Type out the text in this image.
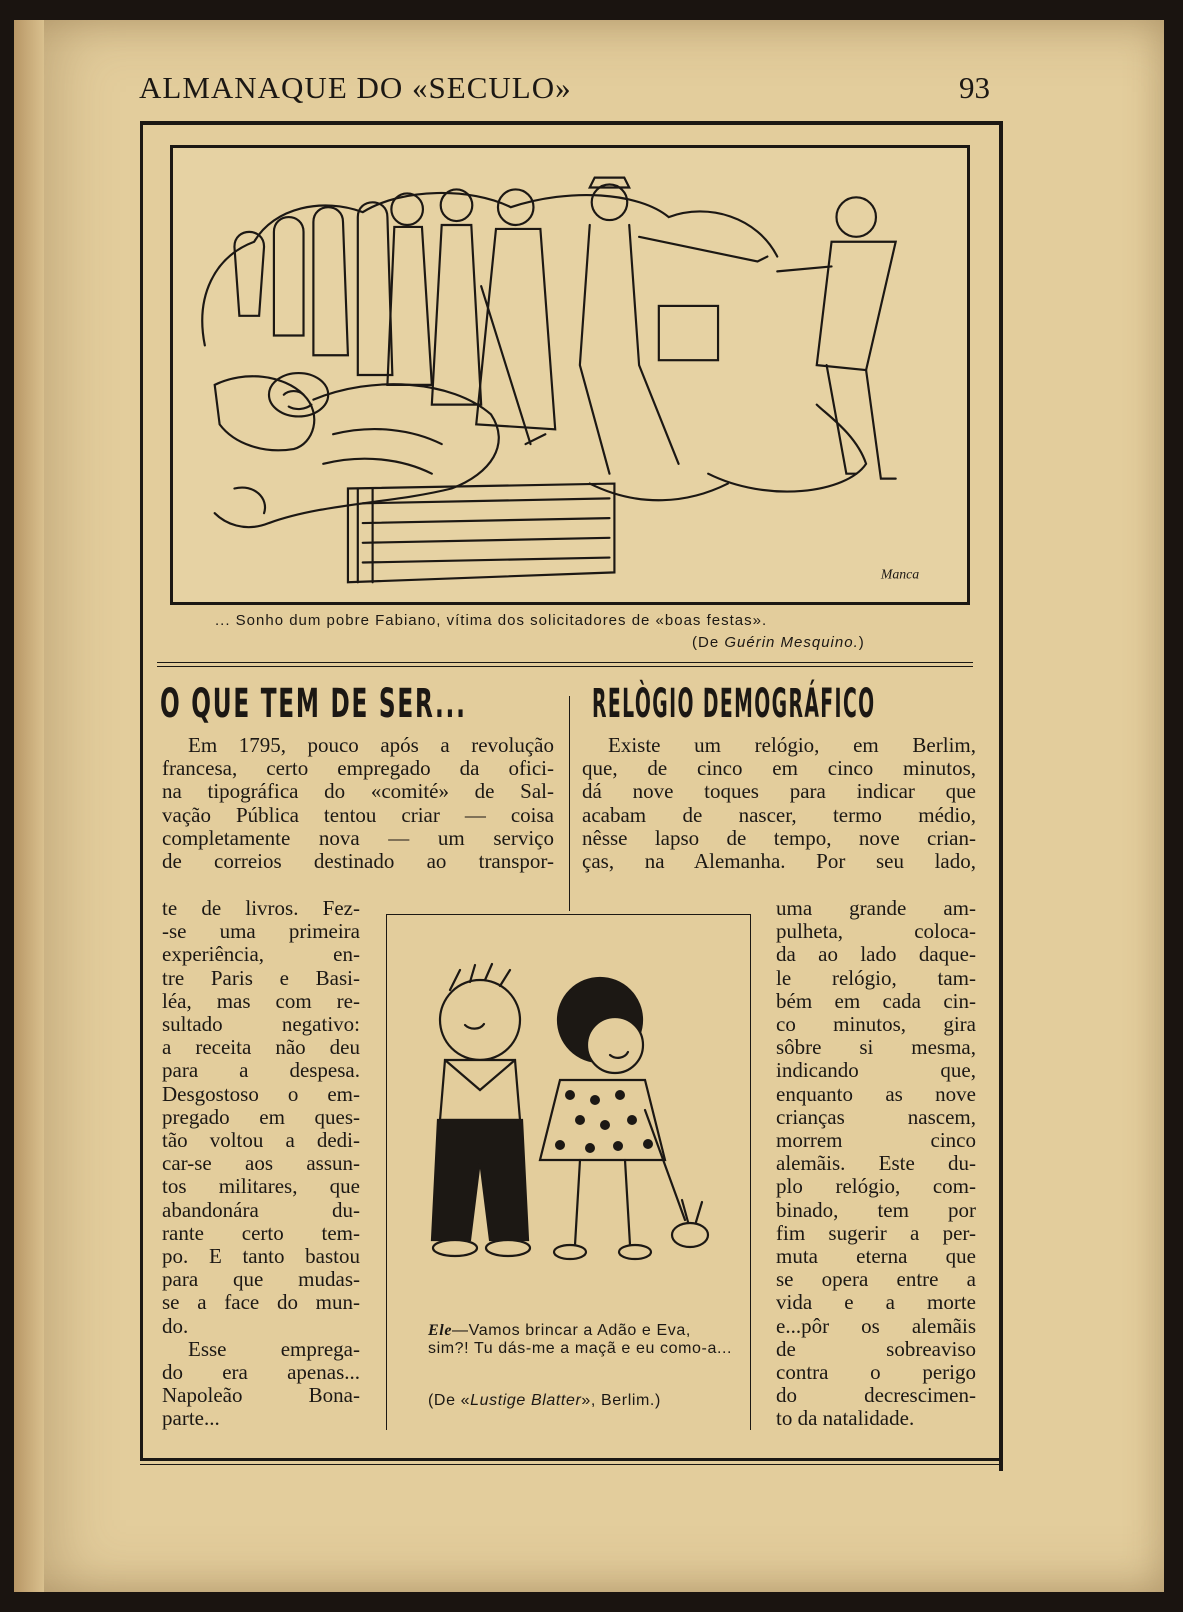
ALMANAQUE DO «SECULO»	93
Manca
... Sonho dum pobre Fabiano, vítima dos solicitadores de «boas festas».
(De Guérin Mesquino.)
O QUE TEM DE SER...	RELÒGIO DEMOGRÁFICO
Em 1795, pouco após a revolução
francesa, certo empregado da ofici-
na tipográfica do «comité» de Sal-
vação Pública tentou criar — coisa
completamente nova — um serviço
de correios destinado ao transpor-
te de livros. Fez-
-se uma primeira
experiência, en-
tre Paris e Basi-
léa, mas com re-
sultado negativo:
a receita não deu
para a despesa.
Desgostoso o em-
pregado em ques-
tão voltou a dedi-
car-se aos assun-
tos militares, que
abandonára du-
rante certo tem-
po. E tanto bastou
para que mudas-
se a face do mun-
do.
Esse emprega-
do era apenas...
Napoleão Bona-
parte...
Existe um relógio, em Berlim,
que, de cinco em cinco minutos,
dá nove toques para indicar que
acabam de nascer, termo médio,
nêsse lapso de tempo, nove crian-
ças, na Alemanha. Por seu lado,
uma grande am-
pulheta, coloca-
da ao lado daque-
le relógio, tam-
bém em cada cin-
co minutos, gira
sôbre si mesma,
indicando que,
enquanto as nove
crianças nascem,
morrem cinco
alemãis. Este du-
plo relógio, com-
binado, tem por
fim sugerir a per-
muta eterna que
se opera entre a
vida e a morte
e...pôr os alemãis
de sobreaviso
contra o perigo
do decrescimen-
to da natalidade.
Ele—Vamos brincar a Adão e Eva, sim?! Tu dás-me a maçã e eu como-a...
(De «Lustige Blatter», Berlim.)
